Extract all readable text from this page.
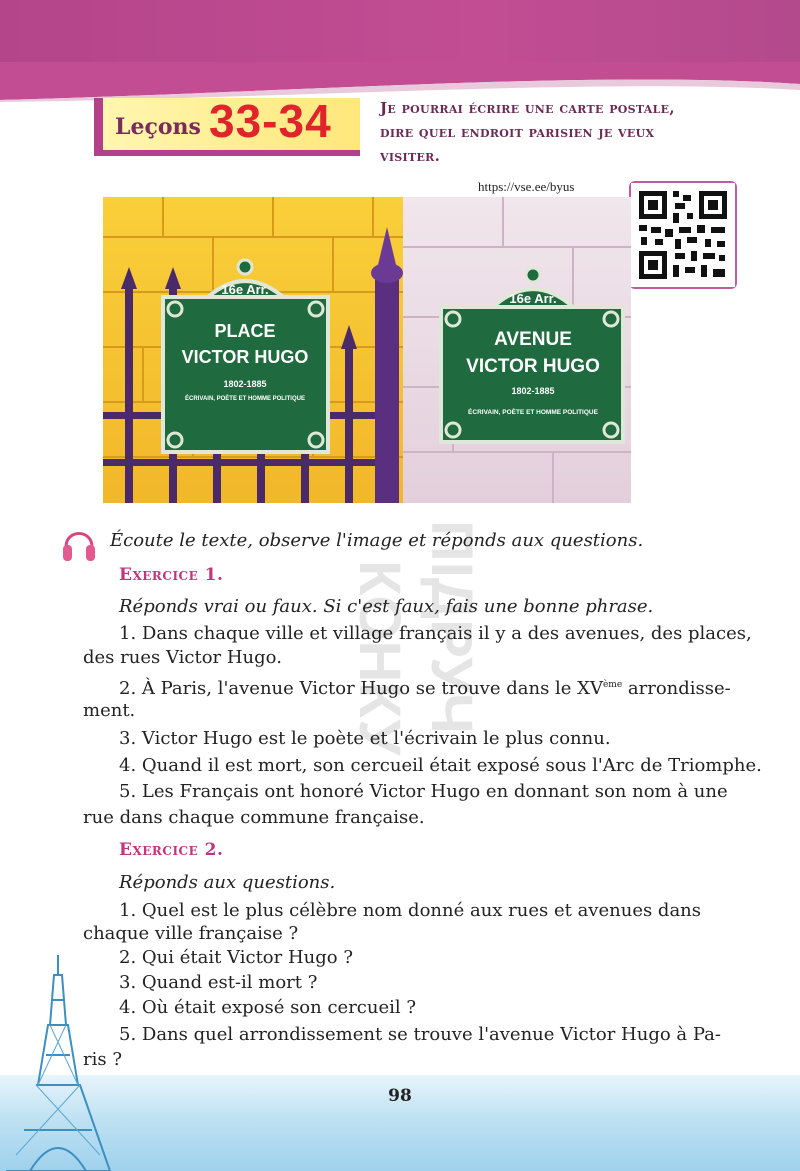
Leçons 33-34	Je pourrai écrire une carte postale, dire quel endroit parisien je veux visiter.
https://vse.ee/byus
16e Arr.
PLACE
VICTOR HUGO
1802-1885
ÉCRIVAIN, POÈTE ET HOMME POLITIQUE
16e Arr.
AVENUE
VICTOR HUGO
1802-1885
ÉCRIVAIN, POÈTE ET HOMME POLITIQUE
КОНКУ ПІДРУЧ
Écoute le texte, observe l'image et réponds aux questions.
Exercice 1.
Réponds vrai ou faux. Si c'est faux, fais une bonne phrase.
1. Dans chaque ville et village français il y a des avenues, des places,
des rues Victor Hugo.
2. À Paris, l'avenue Victor Hugo se trouve dans le XVème arrondisse-
ment.
3. Victor Hugo est le poète et l'écrivain le plus connu.
4. Quand il est mort, son cercueil était exposé sous l'Arc de Triomphe.
5. Les Français ont honoré Victor Hugo en donnant son nom à une
rue dans chaque commune française.
Exercice 2.
Réponds aux questions.
1. Quel est le plus célèbre nom donné aux rues et avenues dans
chaque ville française ?
2. Qui était Victor Hugo ?
3. Quand est-il mort ?
4. Où était exposé son cercueil ?
5. Dans quel arrondissement se trouve l'avenue Victor Hugo à Pa-
ris ?
98
